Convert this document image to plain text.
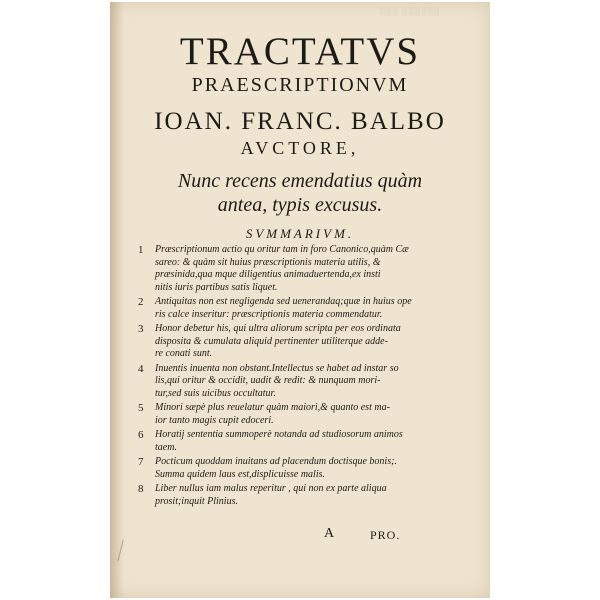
░░░ ░░░░░░
TRACTATVS
PRAESCRIPTIONVM
IOAN. FRANC. BALBO
AVCTORE,
Nunc recens emendatius quàm
antea, typis excusus.
SVMMARIVM.
1 Præscriptionum actio qu oritur tam in foro Canonico,quàm Cæ
sareo: & quàm sit huius præscriptionis materia utilis, &
præsinida,qua mque diligentius animaduertenda,ex insti
nitis iuris partibus satis liquet.
2 Antiquitas non est negligenda sed uenerandaq;quæ in huius ope
ris calce inseritur: præscriptionis materia commendatur.
3 Honor debetur his, qui ultra aliorum scripta per eos ordinata
disposita & cumulata aliquid pertinenter utiliterque adde-
re conati sunt.
4 Inuentis inuenta non obstant.Intellectus se habet ad instar so
lis,qui oritur & occidit, uadit & redit: & nunquam mori-
tur,sed suis uicibus occultatur.
5 Minori sæpè plus reuelatur quàm maiori,& quanto est ma-
ior tanto magis cupit edoceri.
6 Horatij sententia summoperè notanda ad studiosorum animos
taem.
7 Pocticum quoddam inuitans ad placendum doctisque bonis;.
Summa quidem laus est,displicuisse malis.
8 Liber nullus iam malus reperitur , qui non ex parte aliqua
prosit;inquit Plinius.
A	PRO.
